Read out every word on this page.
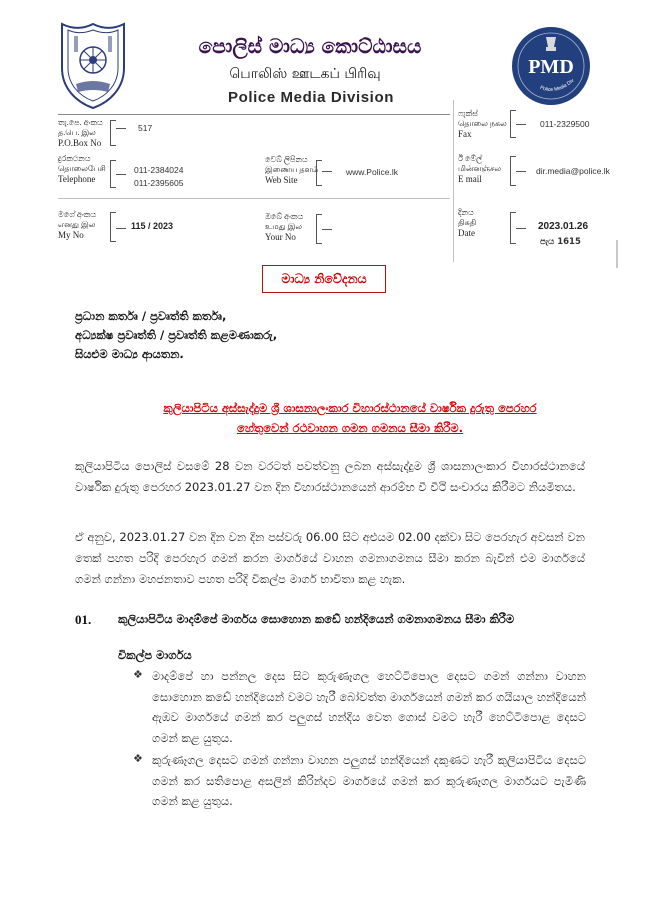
පොලිස් මාධ්‍ය කොට්ඨාසය
பொலிஸ் ஊடகப் பிரிவு
Police Media Division
PMD
Police Media Div
තැ.පෙ. අංකය
த.பெ. இல
P.O.Box No
517
ෆැක්ස්
தொலை நகல
Fax
011-2329500
දුරකථනය
தொலைபேசி
Telephone
011-2384024
011-2395605
වෙබ් ලිපිනය
இணைய தளம்
Web Site
www.Police.lk
ඊ මේල්
மின்னஞ்சல
E mail
dir.media@police.lk
මගේ අංකය
எனது இல
My No
115 / 2023
ඔබේ අංකය
உமது இல
Your No
දිනය
திகதி
Date
2023.01.26
පැය 1615
මාධ්‍ය නිවේදනය
ප්‍රධාන කර්තෘ / ප්‍රවෘත්ති කර්තෘ,
අධ්‍යක්ෂ ප්‍රවෘත්ති / ප්‍රවෘත්ති කළමණාකරු,
සියළුම මාධ්‍ය ආයතන.
කුලියාපිටිය අස්සැද්දුම ශ්‍රී ශාසනාලංකාර විහාරස්ථානයේ වාර්ෂික දුරුතු පෙරහර
හේතුවෙන් රථවාහන ගමන ගමනය සීමා කිරීම.
කුලියාපිටිය පොලිස් වසමේ 28 වන වරටත් පවත්වනු ලබන අස්සැද්දුම ශ්‍රී ශාසනාලංකාර විහාරස්ථානයේ වාර්ෂික දුරුතු පෙරහර 2023.01.27 වන දින විහාරස්ථානයෙන් ආරම්භ වී වීථි සංචාරය කිරීමට නියමිතය.
ඒ අනුව, 2023.01.27 වන දින වන දින පස්වරු 06.00 සිට අළුයම 02.00 දක්වා සිට පෙරහැර අවසන් වන තෙක් පහත පරිදි පෙරහැර ගමන් කරන මාර්ගයේ වාහන ගමනාගමනය සීමා කරන බැවින් එම මාර්ගයේ ගමන් ගන්නා මහජනතාව පහත පරිදි විකල්ප මාර්ග භාවිතා කළ හැක.
01. කුලියාපිටිය මාදම්පේ මාර්ගය සොහොන කඩේ හන්දියෙන් ගමනාගමනය සීමා කිරීම
විකල්ප මාර්ගය
❖ මාදම්පේ හා පන්නල දෙස සිට කුරුණෑගල හෙට්ටිපොල දෙසට ගමන් ගන්නා වාහන සොහොන කඩේ හන්දියෙන් වමට හැරී බෝවත්ත මාර්ගයෙන් ගමන් කර ගයියාල හන්දියෙන් ඇඹව මාර්ගයේ ගමන් කර පලුගස් හන්දිය වෙත ගොස් වමට හැරී හෙට්ටිපොළ දෙසට ගමන් කළ යුතුය.
❖ කුරුණෑගල දෙසට ගමන් ගන්නා වාහන පලුගස් හන්දියෙන් දකුණට හැරී කුලියාපිටිය දෙසට ගමන් කර සතිපොළ අසලින් කිරින්දව මාර්ගයේ ගමන් කර කුරුණෑගල මාර්ගයට පැමිණි ගමන් කළ යුතුය.
